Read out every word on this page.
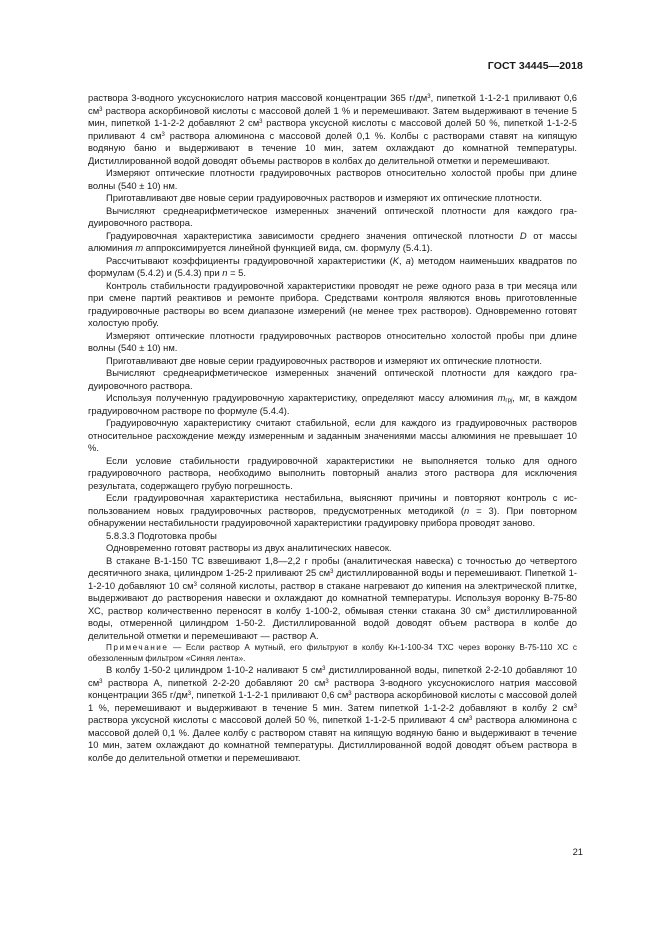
ГОСТ 34445—2018

раствора 3-водного уксуснокислого натрия массовой концентрации 365 $г/дм^3$, пипеткой 1-1-2-1 приливают 0,6 $см^3$ раствора аскорбиновой кислоты с массовой долей 1 % и перемешивают. Затем выдерживают в течение 5 мин, пипеткой 1-1-2-2 добавляют 2 $см^3$ раствора уксусной кислоты с массовой долей 50 %, пипеткой 1-1-2-5 приливают 4 $см^3$ раствора алюминона с массовой долей 0,1 %. Колбы с растворами ставят на кипящую водяную баню и выдерживают в течение 10 мин, затем охлаждают до комнатной температуры. Дистиллированной водой доводят объемы растворов в колбах до делительной отметки и перемешивают.

Измеряют оптические плотности градуировочных растворов относительно холостой пробы при длине волны (540 ± 10) нм.

Приготавливают две новые серии градуировочных растворов и измеряют их оптические плотности.

Вычисляют среднеарифметическое измеренных значений оптической плотности для каждого градуировочного раствора.

Градуировочная характеристика зависимости среднего значения оптической плотности D от массы алюминия m аппроксимируется линейной функцией вида, см. формулу (5.4.1).

Рассчитывают коэффициенты градуировочной характеристики (K, a) методом наименьших квадратов по формулам (5.4.2) и (5.4.3) при n = 5.

Контроль стабильности градуировочной характеристики проводят не реже одного раза в три месяца или при смене партий реактивов и ремонте прибора. Средствами контроля являются вновь приготовленные градуировочные растворы во всем диапазоне измерений (не менее трех растворов). Одновременно готовят холостую пробу.

Измеряют оптические плотности градуировочных растворов относительно холостой пробы при длине волны (540 ± 10) нм.

Приготавливают две новые серии градуировочных растворов и измеряют их оптические плотности.

Вычисляют среднеарифметическое измеренных значений оптической плотности для каждого градуировочного раствора.

Используя полученную градуировочную характеристику, определяют массу алюминия $m_{грj}$, мг, в каждом градуировочном растворе по формуле (5.4.4).

Градуировочную характеристику считают стабильной, если для каждого из градуировочных растворов относительное расхождение между измеренным и заданным значениями массы алюминия не превышает 10 %.

Если условие стабильности градуировочной характеристики не выполняется только для одного градуировочного раствора, необходимо выполнить повторный анализ этого раствора для исключения результата, содержащего грубую погрешность.

Если градуировочная характеристика нестабильна, выясняют причины и повторяют контроль с использованием новых градуировочных растворов, предусмотренных методикой (n = 3). При повторном обнаружении нестабильности градуировочной характеристики градуировку прибора проводят заново.

5.8.3.3 Подготовка пробы

Одновременно готовят растворы из двух аналитических навесок.

В стакане В-1-150 ТС взвешивают 1,8—2,2 г пробы (аналитическая навеска) с точностью до четвертого десятичного знака, цилиндром 1-25-2 приливают 25 $см^3$ дистиллированной воды и перемешивают. Пипеткой 1-1-2-10 добавляют 10 $см^3$ соляной кислоты, раствор в стакане нагревают до кипения на электрической плитке, выдерживают до растворения навески и охлаждают до комнатной температуры. Используя воронку В-75-80 ХС, раствор количественно переносят в колбу 1-100-2, обмывая стенки стакана 30 $см^3$ дистиллированной воды, отмеренной цилиндром 1-50-2. Дистиллированной водой доводят объем раствора в колбе до делительной отметки и перемешивают — раствор А.

Примечание — Если раствор А мутный, его фильтруют в колбу Кн-1-100-34 ТХС через воронку В-75-110 ХС с обеззоленным фильтром «Синяя лента».

В колбу 1-50-2 цилиндром 1-10-2 наливают 5 $см^3$ дистиллированной воды, пипеткой 2-2-10 добавляют 10 $см^3$ раствора А, пипеткой 2-2-20 добавляют 20 $см^3$ раствора 3-водного уксуснокислого натрия массовой концентрации 365 $г/дм^3$, пипеткой 1-1-2-1 приливают 0,6 $см^3$ раствора аскорбиновой кислоты с массовой долей 1 %, перемешивают и выдерживают в течение 5 мин. Затем пипеткой 1-1-2-2 добавляют в колбу 2 $см^3$ раствора уксусной кислоты с массовой долей 50 %, пипеткой 1-1-2-5 приливают 4 $см^3$ раствора алюминона с массовой долей 0,1 %. Далее колбу с раствором ставят на кипящую водяную баню и выдерживают в течение 10 мин, затем охлаждают до комнатной температуры. Дистиллированной водой доводят объем раствора в колбе до делительной отметки и перемешивают.

21
